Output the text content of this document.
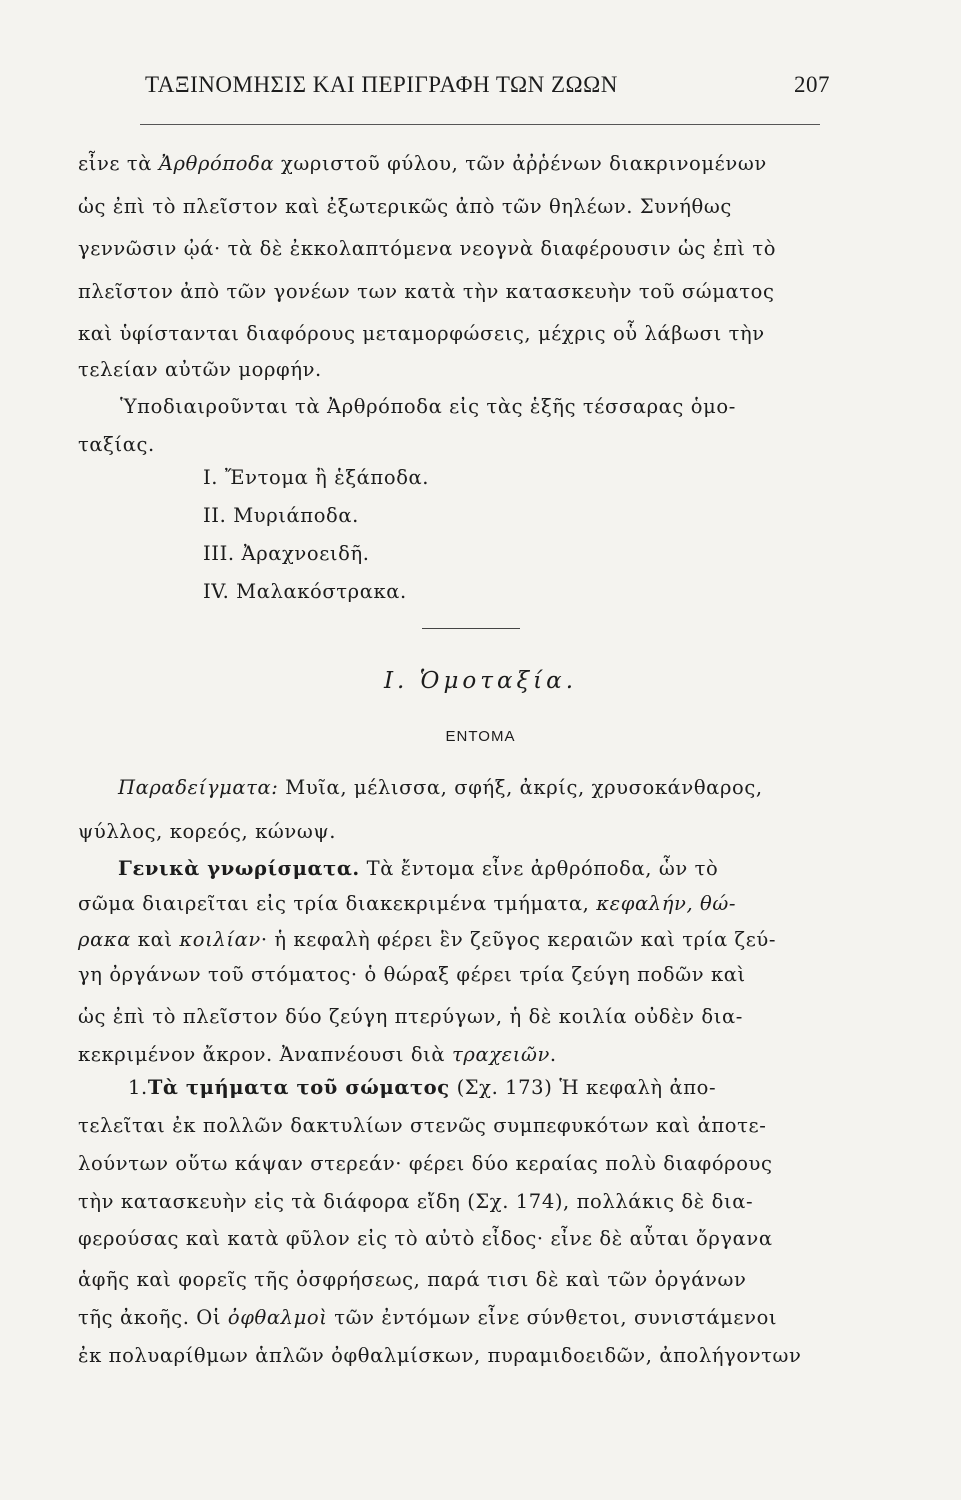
ΤΑΞΙΝΟΜΗΣΙΣ ΚΑΙ ΠΕΡΙΓΡΑΦΗ ΤΩΝ ΖΩΩΝ	207
εἶνε τὰ Ἀρθρόποδα χωριστοῦ φύλου, τῶν ἀῤῥένων διακρινομένων
ὡς ἐπὶ τὸ πλεῖστον καὶ ἐξωτερικῶς ἀπὸ τῶν θηλέων. Συνήθως
γεννῶσιν ᾠά· τὰ δὲ ἐκκολαπτόμενα νεογνὰ διαφέρουσιν ὡς ἐπὶ τὸ
πλεῖστον ἀπὸ τῶν γονέων των κατὰ τὴν κατασκευὴν τοῦ σώματος
καὶ ὑφίστανται διαφόρους μεταμορφώσεις, μέχρις οὗ λάβωσι τὴν
τελείαν αὐτῶν μορφήν.
Ὑποδιαιροῦνται τὰ Ἀρθρόποδα εἰς τὰς ἑξῆς τέσσαρας ὁμο-
ταξίας.
I. Ἔντομα ἢ ἑξάποδα.
II. Μυριάποδα.
III. Ἀραχνοειδῆ.
IV. Μαλακόστρακα.
I. Ὁμοταξία.
ΕΝΤΟΜΑ
Παραδείγματα: Μυῖα, μέλισσα, σφήξ, ἀκρίς, χρυσοκάνθαρος,
ψύλλος, κορεός, κώνωψ.
Γενικὰ γνωρίσματα. Τὰ ἔντομα εἶνε ἀρθρόποδα, ὧν τὸ
σῶμα διαιρεῖται εἰς τρία διακεκριμένα τμήματα, κεφαλήν, θώ-
ρακα καὶ κοιλίαν· ἡ κεφαλὴ φέρει ἓν ζεῦγος κεραιῶν καὶ τρία ζεύ-
γη ὀργάνων τοῦ στόματος· ὁ θώραξ φέρει τρία ζεύγη ποδῶν καὶ
ὡς ἐπὶ τὸ πλεῖστον δύο ζεύγη πτερύγων, ἡ δὲ κοιλία οὐδὲν δια-
κεκριμένον ἄκρον. Ἀναπνέουσι διὰ τραχειῶν.
1.Τὰ τμήματα τοῦ σώματος (Σχ. 173) Ἡ κεφαλὴ ἀπο-
τελεῖται ἐκ πολλῶν δακτυλίων στενῶς συμπεφυκότων καὶ ἀποτε-
λούντων οὕτω κάψαν στερεάν· φέρει δύο κεραίας πολὺ διαφόρους
τὴν κατασκευὴν εἰς τὰ διάφορα εἴδη (Σχ. 174), πολλάκις δὲ δια-
φερούσας καὶ κατὰ φῦλον εἰς τὸ αὐτὸ εἶδος· εἶνε δὲ αὗται ὄργανα
ἁφῆς καὶ φορεῖς τῆς ὀσφρήσεως, παρά τισι δὲ καὶ τῶν ὀργάνων
τῆς ἀκοῆς. Οἱ ὀφθαλμοὶ τῶν ἐντόμων εἶνε σύνθετοι, συνιστάμενοι
ἐκ πολυαρίθμων ἁπλῶν ὀφθαλμίσκων, πυραμιδοειδῶν, ἀπολήγοντων
